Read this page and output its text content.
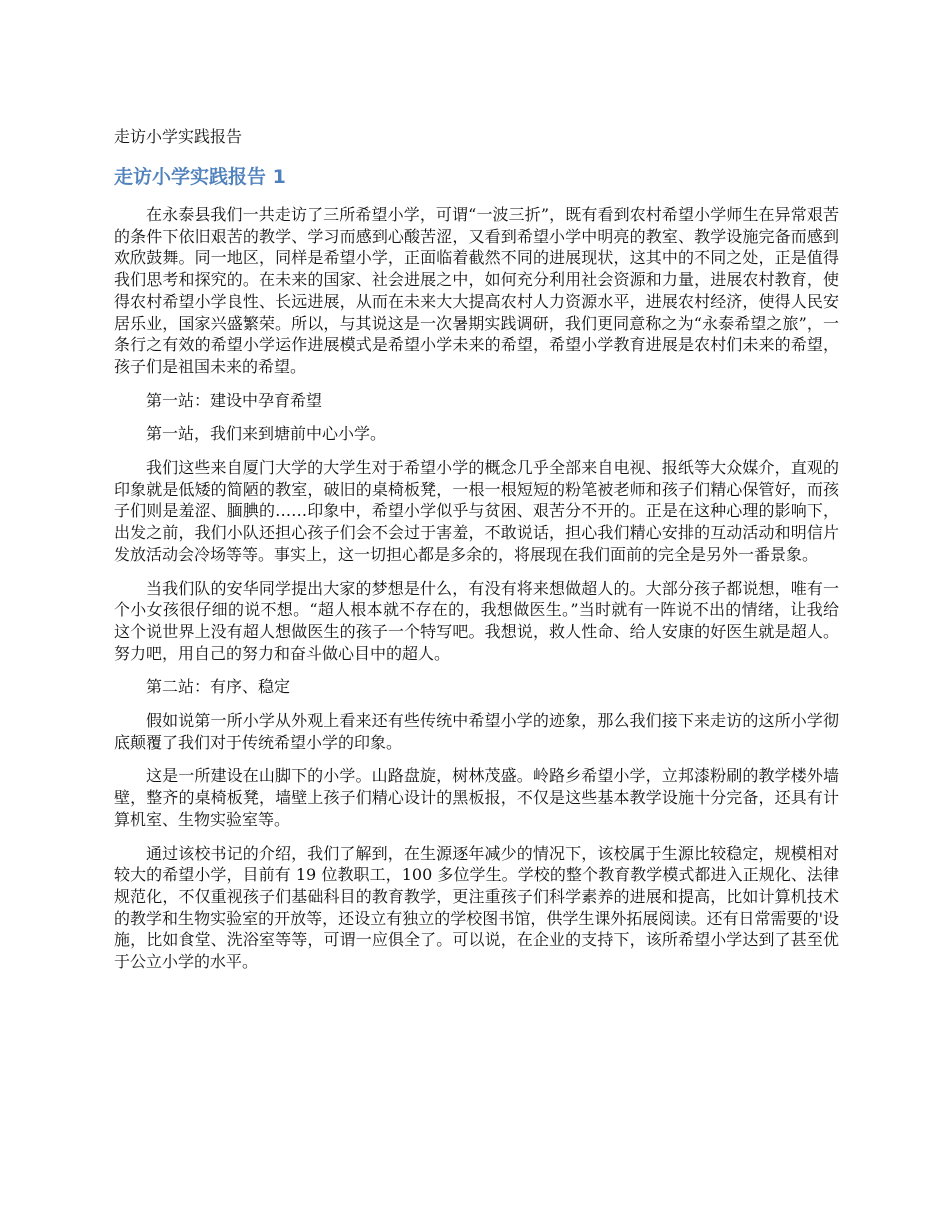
走访小学实践报告
走访小学实践报告 1

在永泰县我们一共走访了三所希望小学，可谓“一波三折”，既有看到农村希望小学师生在异常艰苦的条件下依旧艰苦的教学、学习而感到心酸苦涩，又看到希望小学中明亮的教室、教学设施完备而感到欢欣鼓舞。同一地区，同样是希望小学，正面临着截然不同的进展现状，这其中的不同之处，正是值得我们思考和探究的。在未来的国家、社会进展之中，如何充分利用社会资源和力量，进展农村教育，使得农村希望小学良性、长远进展，从而在未来大大提高农村人力资源水平，进展农村经济，使得人民安居乐业，国家兴盛繁荣。所以，与其说这是一次暑期实践调研，我们更同意称之为“永泰希望之旅”，一条行之有效的希望小学运作进展模式是希望小学未来的希望，希望小学教育进展是农村们未来的希望，孩子们是祖国未来的希望。

第一站：建设中孕育希望

第一站，我们来到塘前中心小学。

我们这些来自厦门大学的大学生对于希望小学的概念几乎全部来自电视、报纸等大众媒介，直观的印象就是低矮的简陋的教室，破旧的桌椅板凳，一根一根短短的粉笔被老师和孩子们精心保管好，而孩子们则是羞涩、腼腆的……印象中，希望小学似乎与贫困、艰苦分不开的。正是在这种心理的影响下，出发之前，我们小队还担心孩子们会不会过于害羞，不敢说话，担心我们精心安排的互动活动和明信片发放活动会冷场等等。事实上，这一切担心都是多余的，将展现在我们面前的完全是另外一番景象。

当我们队的安华同学提出大家的梦想是什么，有没有将来想做超人的。大部分孩子都说想，唯有一个小女孩很仔细的说不想。“超人根本就不存在的，我想做医生。”当时就有一阵说不出的情绪，让我给这个说世界上没有超人想做医生的孩子一个特写吧。我想说，救人性命、给人安康的好医生就是超人。努力吧，用自己的努力和奋斗做心目中的超人。

第二站：有序、稳定

假如说第一所小学从外观上看来还有些传统中希望小学的迹象，那么我们接下来走访的这所小学彻底颠覆了我们对于传统希望小学的印象。

这是一所建设在山脚下的小学。山路盘旋，树林茂盛。岭路乡希望小学，立邦漆粉刷的教学楼外墙壁，整齐的桌椅板凳，墙壁上孩子们精心设计的黑板报，不仅是这些基本教学设施十分完备，还具有计算机室、生物实验室等。

通过该校书记的介绍，我们了解到，在生源逐年减少的情况下，该校属于生源比较稳定，规模相对较大的希望小学，目前有 19 位教职工，100 多位学生。学校的整个教育教学模式都进入正规化、法律规范化，不仅重视孩子们基础科目的教育教学，更注重孩子们科学素养的进展和提高，比如计算机技术的教学和生物实验室的开放等，还设立有独立的学校图书馆，供学生课外拓展阅读。还有日常需要的'设施，比如食堂、洗浴室等等，可谓一应俱全了。可以说，在企业的支持下，该所希望小学达到了甚至优于公立小学的水平。
